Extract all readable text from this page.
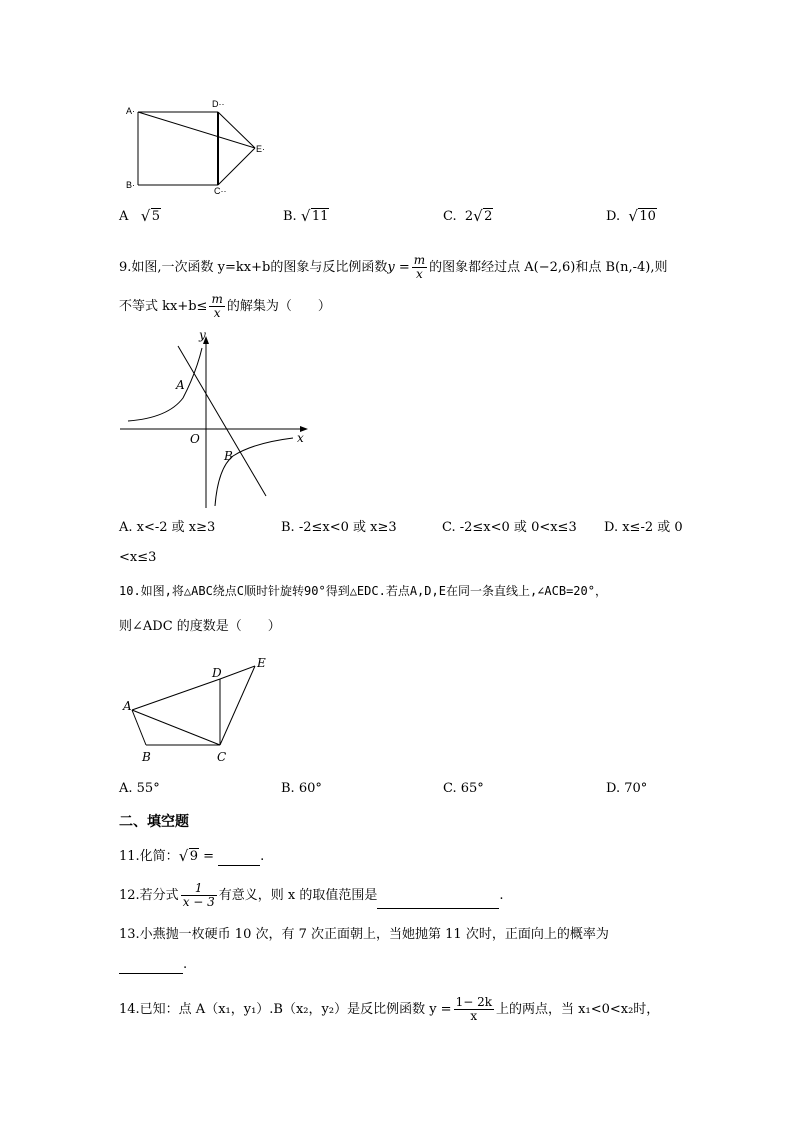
A·
B·
C··
D··
E·
A √ 5	B. √ 11	C. 2 √ 2	D. √ 10
9.如图,一次函数 y=kx+b的图象与反比例函数$y = \frac{m}{x}$ 的图象都经过点 A(−2,6)和点 B(n,-4),则
不等式 $kx+b\le \frac{m}{x}$ 的解集为（　　）
y
x
O
A
B
A. x<-2 或 x≥3	B. -2≤x<0 或 x≥3	C. -2≤x<0 或 0<x≤3 D. x≤-2 或 0
<x≤3
10.如图,将△ABC绕点C顺时针旋转90°得到△EDC.若点A,D,E在同一条直线上,∠ACB=20°，
则∠ADC 的度数是（　　）
A
B	C
D
E
A. 55°	B. 60°	C. 65°	D. 70°
二、填空题
11.化简： √ 9 =	.
12.若分式 $\frac{1}{x - 3}$ 有意义，则 x 的取值范围是	.
13.小燕抛一枚硬币 10 次，有 7 次正面朝上，当她抛第 11 次时，正面向上的概率为
.
14.已知：点 A（x₁，y₁）.B（x₂，y₂）是反比例函数 $y = \frac{1- 2k}{x}$ 上的两点，当 x₁<0<x₂时，
